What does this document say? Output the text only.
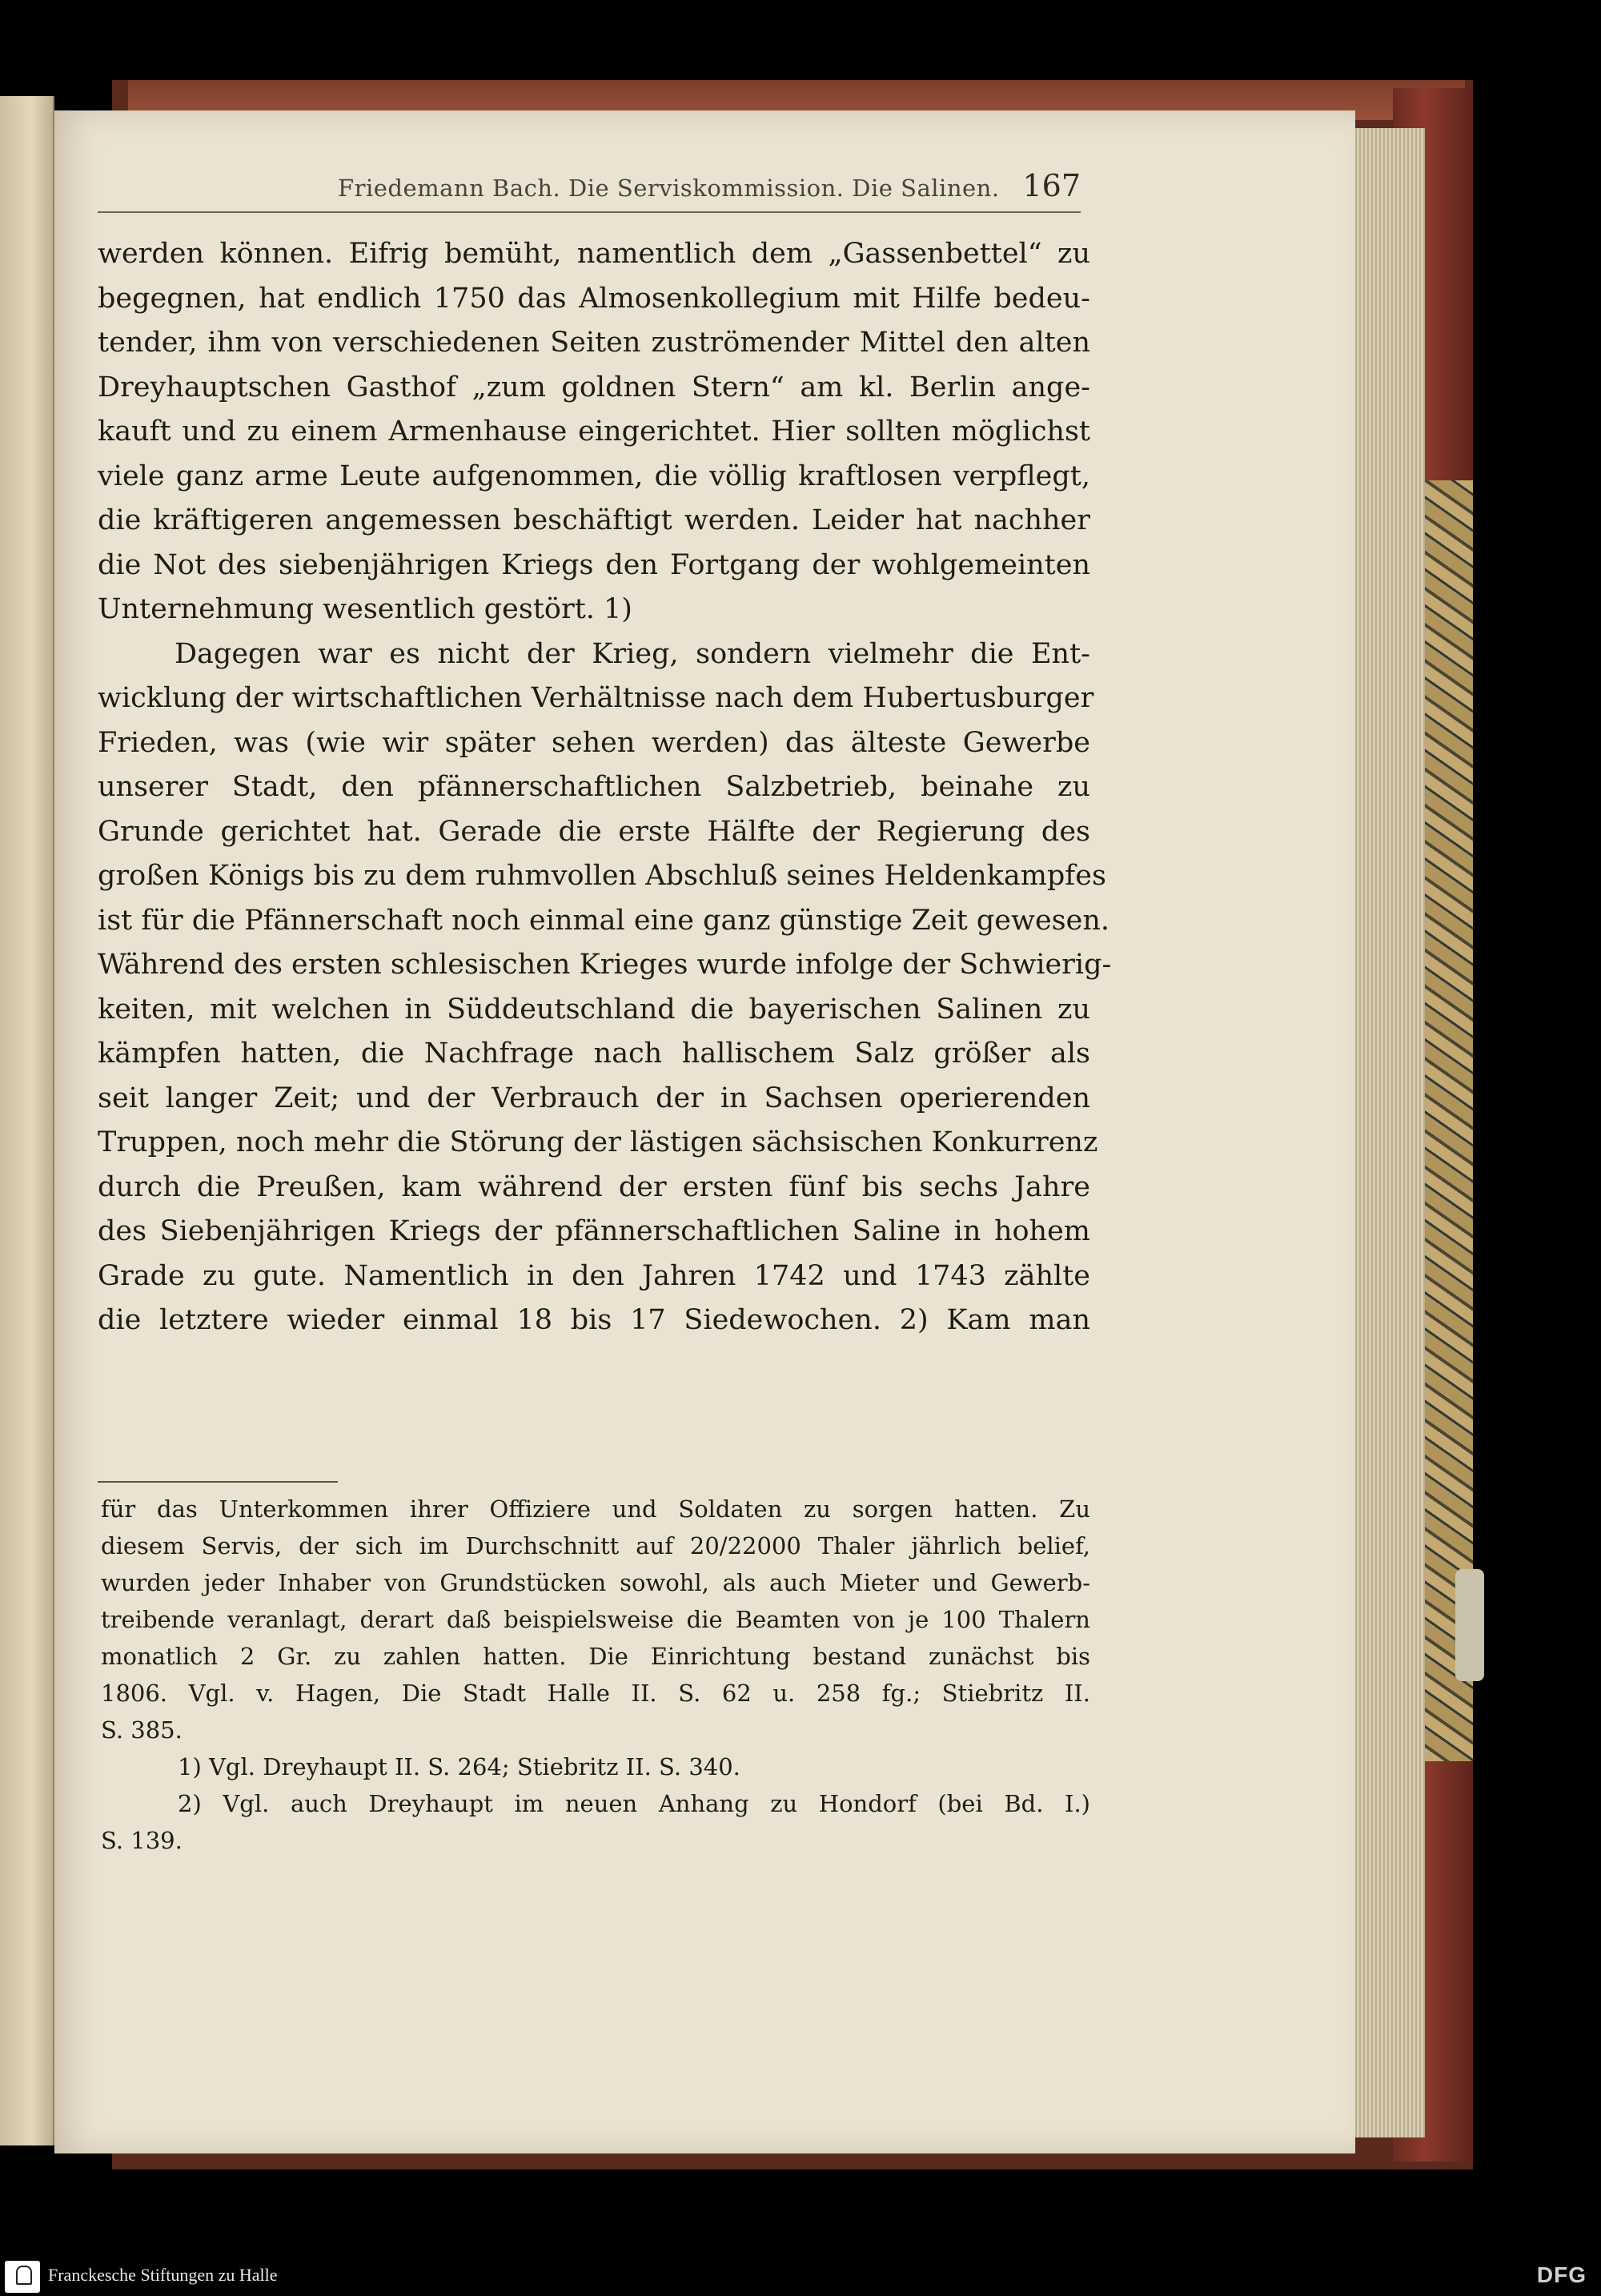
Friedemann Bach. Die Serviskommission. Die Salinen. 167
werden können. Eifrig bemüht, namentlich dem „Gassenbettel“ zu
begegnen, hat endlich 1750 das Almosenkollegium mit Hilfe bedeu-
tender, ihm von verschiedenen Seiten zuströmender Mittel den alten
Dreyhauptschen Gasthof „zum goldnen Stern“ am kl. Berlin ange-
kauft und zu einem Armenhause eingerichtet. Hier sollten möglichst
viele ganz arme Leute aufgenommen, die völlig kraftlosen verpflegt,
die kräftigeren angemessen beschäftigt werden. Leider hat nachher
die Not des siebenjährigen Kriegs den Fortgang der wohlgemeinten
Unternehmung wesentlich gestört. 1)
Dagegen war es nicht der Krieg, sondern vielmehr die Ent-
wicklung der wirtschaftlichen Verhältnisse nach dem Hubertusburger
Frieden, was (wie wir später sehen werden) das älteste Gewerbe
unserer Stadt, den pfännerschaftlichen Salzbetrieb, beinahe zu
Grunde gerichtet hat. Gerade die erste Hälfte der Regierung des
großen Königs bis zu dem ruhmvollen Abschluß seines Heldenkampfes
ist für die Pfännerschaft noch einmal eine ganz günstige Zeit gewesen.
Während des ersten schlesischen Krieges wurde infolge der Schwierig-
keiten, mit welchen in Süddeutschland die bayerischen Salinen zu
kämpfen hatten, die Nachfrage nach hallischem Salz größer als
seit langer Zeit; und der Verbrauch der in Sachsen operierenden
Truppen, noch mehr die Störung der lästigen sächsischen Konkurrenz
durch die Preußen, kam während der ersten fünf bis sechs Jahre
des Siebenjährigen Kriegs der pfännerschaftlichen Saline in hohem
Grade zu gute. Namentlich in den Jahren 1742 und 1743 zählte
die letztere wieder einmal 18 bis 17 Siedewochen. 2) Kam man
für das Unterkommen ihrer Offiziere und Soldaten zu sorgen hatten. Zu
diesem Servis, der sich im Durchschnitt auf 20/22000 Thaler jährlich belief,
wurden jeder Inhaber von Grundstücken sowohl, als auch Mieter und Gewerb-
treibende veranlagt, derart daß beispielsweise die Beamten von je 100 Thalern
monatlich 2 Gr. zu zahlen hatten. Die Einrichtung bestand zunächst bis
1806. Vgl. v. Hagen, Die Stadt Halle II. S. 62 u. 258 fg.; Stiebritz II.
S. 385.
1) Vgl. Dreyhaupt II. S. 264; Stiebritz II. S. 340.
2) Vgl. auch Dreyhaupt im neuen Anhang zu Hondorf (bei Bd. I.)
S. 139.
Franckesche Stiftungen zu Halle	DFG
